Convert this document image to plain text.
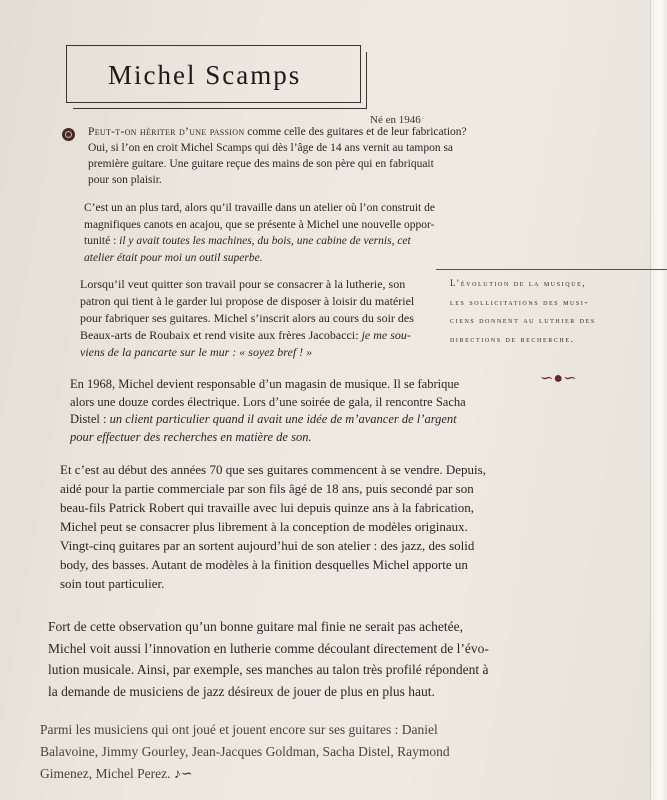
Michel Scamps
Né en 1946

Peut-t-on hériter d’une passion comme celle des guitares et de leur fabrication?
Oui, si l’on en croit Michel Scamps qui dès l’âge de 14 ans vernit au tampon sa
première guitare. Une guitare reçue des mains de son père qui en fabriquait
pour son plaisir.

C’est un an plus tard, alors qu’il travaille dans un atelier où l’on construit de
magnifiques canots en acajou, que se présente à Michel une nouvelle oppor-
tunité : il y avait toutes les machines, du bois, une cabine de vernis, cet
atelier était pour moi un outil superbe.

Lorsqu’il veut quitter son travail pour se consacrer à la lutherie, son
patron qui tient à le garder lui propose de disposer à loisir du matériel
pour fabriquer ses guitares. Michel s’inscrit alors au cours du soir des
Beaux-arts de Roubaix et rend visite aux frères Jacobacci: je me sou-
viens de la pancarte sur le mur : « soyez bref ! »

L’évolution de la musique,
les sollicitations des musi-
ciens donnent au luthier des
directions de recherche.

∽●∽

En 1968, Michel devient responsable d’un magasin de musique. Il se fabrique
alors une douze cordes électrique. Lors d’une soirée de gala, il rencontre Sacha
Distel : un client particulier quand il avait une idée de m’avancer de l’argent
pour effectuer des recherches en matière de son.

Et c’est au début des années 70 que ses guitares commencent à se vendre. Depuis,
aidé pour la partie commerciale par son fils âgé de 18 ans, puis secondé par son
beau-fils Patrick Robert qui travaille avec lui depuis quinze ans à la fabrication,
Michel peut se consacrer plus librement à la conception de modèles originaux.
Vingt-cinq guitares par an sortent aujourd’hui de son atelier : des jazz, des solid
body, des basses. Autant de modèles à la finition desquelles Michel apporte un
soin tout particulier.

Fort de cette observation qu’un bonne guitare mal finie ne serait pas achetée,
Michel voit aussi l’innovation en lutherie comme découlant directement de l’évo-
lution musicale. Ainsi, par exemple, ses manches au talon très profilé répondent à
la demande de musiciens de jazz désireux de jouer de plus en plus haut.

Parmi les musiciens qui ont joué et jouent encore sur ses guitares : Daniel
Balavoine, Jimmy Gourley, Jean-Jacques Goldman, Sacha Distel, Raymond
Gimenez, Michel Perez. ♪∽
